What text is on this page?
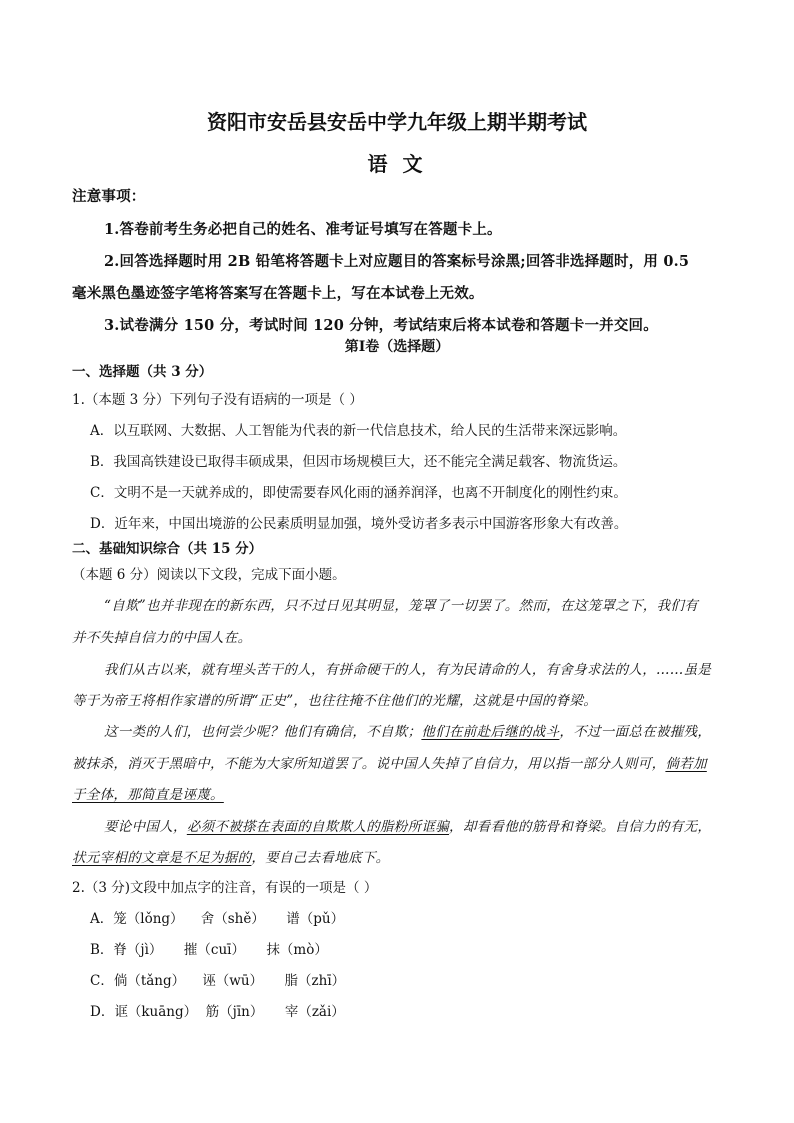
资阳市安岳县安岳中学九年级上期半期考试
语 文
注意事项：
1.答卷前考生务必把自己的姓名、准考证号填写在答题卡上。
2.回答选择题时用 2B 铅笔将答题卡上对应题目的答案标号涂黑;回答非选择题时，用 0.5
毫米黑色墨迹签字笔将答案写在答题卡上，写在本试卷上无效。
3.试卷满分 150 分，考试时间 120 分钟，考试结束后将本试卷和答题卡一并交回。
第Ⅰ卷（选择题）
一、选择题（共 3 分）
1.（本题 3 分）下列句子没有语病的一项是（ ）
A．以互联网、大数据、人工智能为代表的新一代信息技术，给人民的生活带来深远影响。
B．我国高铁建设已取得丰硕成果，但因市场规模巨大，还不能完全满足载客、物流货运。
C．文明不是一天就养成的，即使需要春风化雨的涵养润泽，也离不开制度化的刚性约束。
D．近年来，中国出境游的公民素质明显加强，境外受访者多表示中国游客形象大有改善。
二、基础知识综合（共 15 分）
（本题 6 分）阅读以下文段，完成下面小题。
“自欺”也并非现在的新东西，只不过日见其明显，笼罩了一切罢了。然而，在这笼罩之下，我们有
并不失掉自信力的中国人在。
我们从古以来，就有埋头苦干的人，有拼命硬干的人，有为民请命的人，有舍身求法的人，……虽是
等于为帝王将相作家谱的所谓“正史”，也往往掩不住他们的光耀，这就是中国的脊梁。
这一类的人们，也何尝少呢？他们有确信，不自欺；他们在前赴后继的战斗，不过一面总在被摧残，
被抹杀，消灭于黑暗中，不能为大家所知道罢了。说中国人失掉了自信力，用以指一部分人则可，倘若加
于全体，那简直是诬蔑。
要论中国人，必须不被搽在表面的自欺欺人的脂粉所诓骗，却看看他的筋骨和脊梁。自信力的有无，
状元宰相的文章是不足为据的，要自己去看地底下。
2.（3 分)文段中加点字的注音，有误的一项是（ ）
A．笼（lǒng）    舍（shě）     谱（pǔ）
B．脊（jì）     摧（cuī）     抹（mò）
C．倘（tǎng）    诬（wū）     脂（zhī）
D．诓（kuāng）  筋（jīn）     宰（zǎi）
